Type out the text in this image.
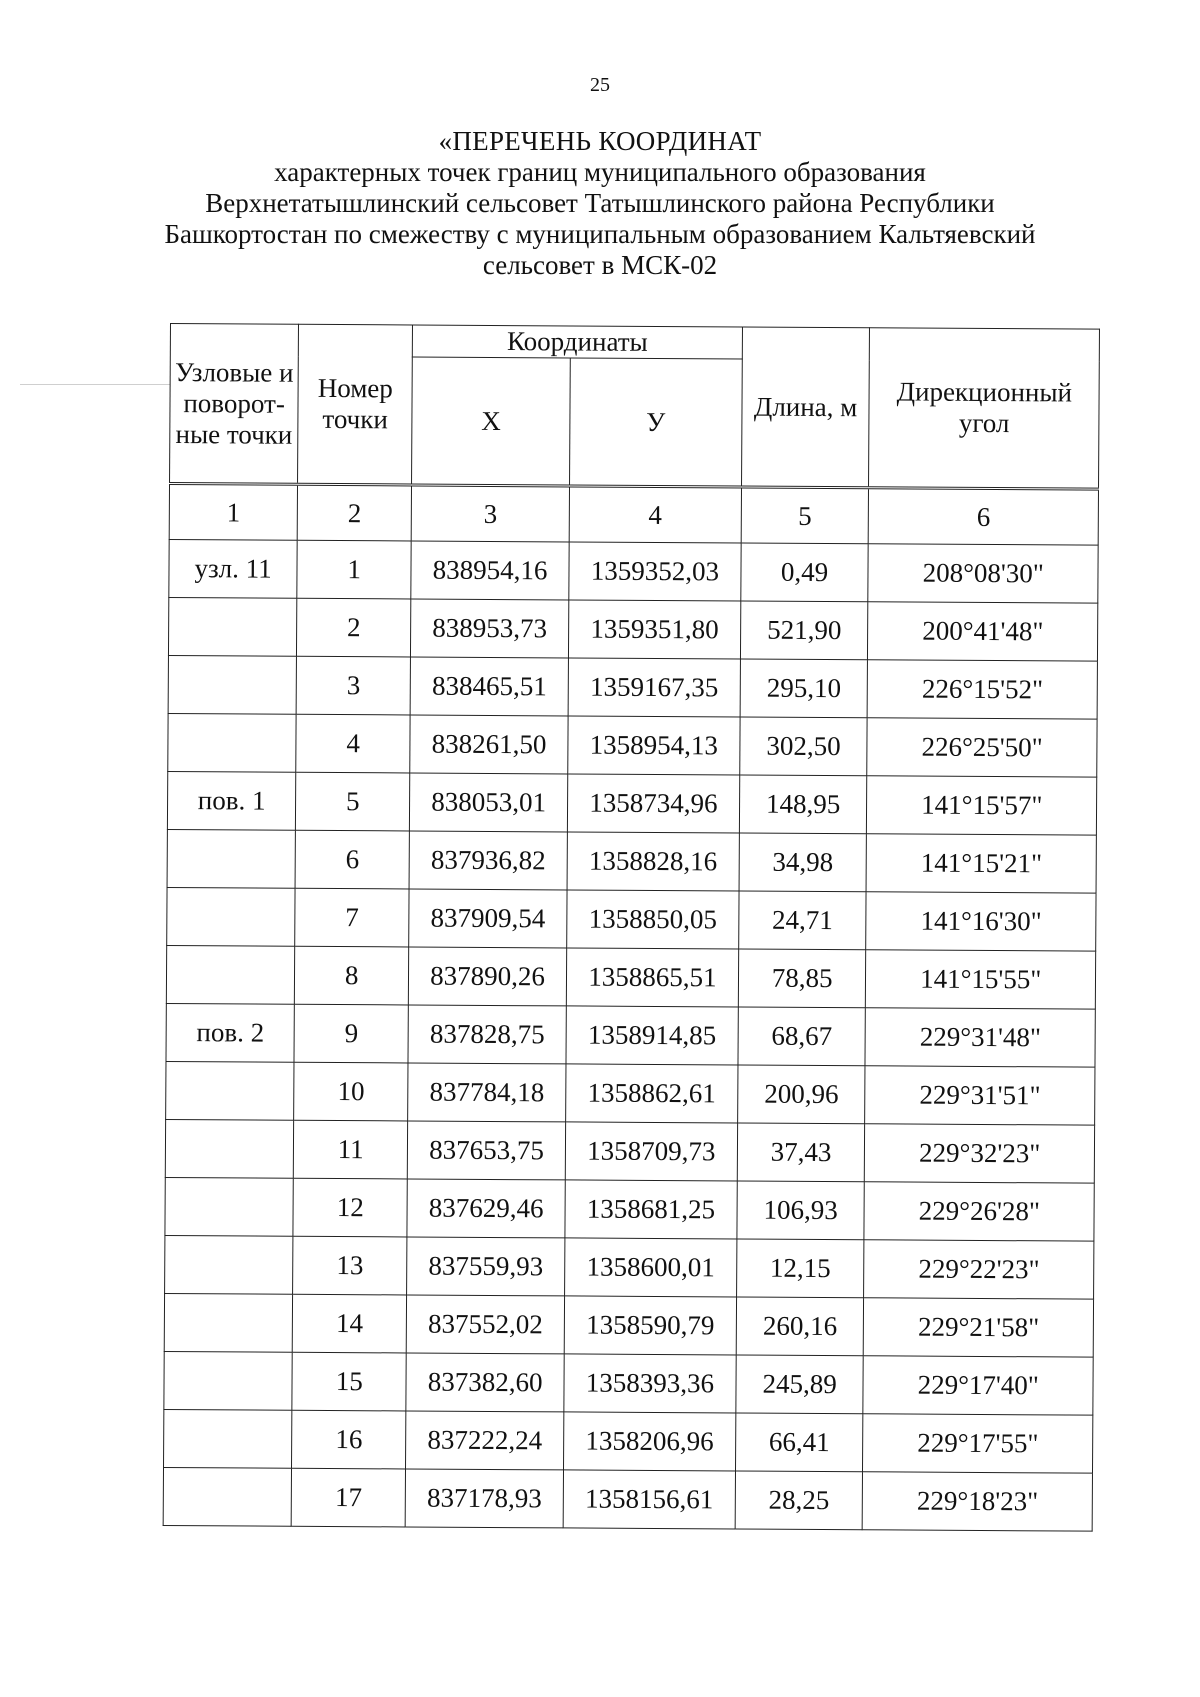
25
«ПЕРЕЧЕНЬ КООРДИНАТ
характерных точек границ муниципального образования
Верхнетатышлинский сельсовет Татышлинского района Республики
Башкортостан по смежеству с муниципальным образованием Кальтяевский
сельсовет в МСК-02
Узловые и поворот-ные точки	Номер точки	Координаты		Длина, м	Дирекционный угол
		Х	У		
1	2	3	4	5	6
узл. 11	1	838954,16	1359352,03	0,49	208°08'30"
	2	838953,73	1359351,80	521,90	200°41'48"
	3	838465,51	1359167,35	295,10	226°15'52"
	4	838261,50	1358954,13	302,50	226°25'50"
пов. 1	5	838053,01	1358734,96	148,95	141°15'57"
	6	837936,82	1358828,16	34,98	141°15'21"
	7	837909,54	1358850,05	24,71	141°16'30"
	8	837890,26	1358865,51	78,85	141°15'55"
пов. 2	9	837828,75	1358914,85	68,67	229°31'48"
	10	837784,18	1358862,61	200,96	229°31'51"
	11	837653,75	1358709,73	37,43	229°32'23"
	12	837629,46	1358681,25	106,93	229°26'28"
	13	837559,93	1358600,01	12,15	229°22'23"
	14	837552,02	1358590,79	260,16	229°21'58"
	15	837382,60	1358393,36	245,89	229°17'40"
	16	837222,24	1358206,96	66,41	229°17'55"
	17	837178,93	1358156,61	28,25	229°18'23"
